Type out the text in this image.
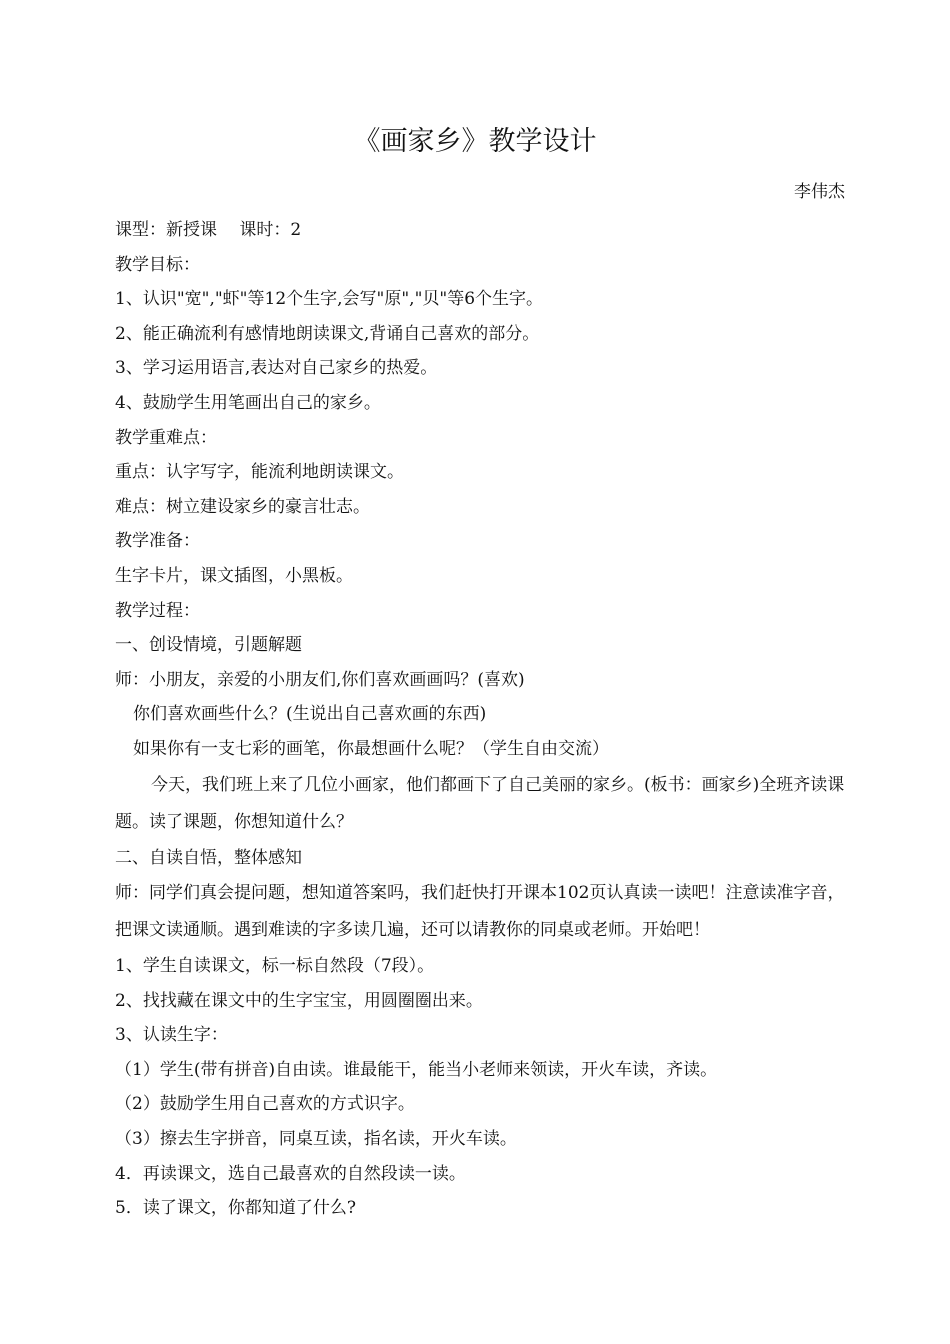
《画家乡》教学设计
李伟杰
课型：新授课　 课时：2
教学目标：
1、认识"宽","虾"等12个生字,会写"原","贝"等6个生字。
2、能正确流利有感情地朗读课文,背诵自己喜欢的部分。
3、学习运用语言,表达对自己家乡的热爱。
4、鼓励学生用笔画出自己的家乡。
教学重难点：
重点：认字写字，能流利地朗读课文。
难点：树立建设家乡的豪言壮志。
教学准备：
生字卡片，课文插图，小黑板。
教学过程：
一、创设情境，引题解题
师：小朋友，亲爱的小朋友们,你们喜欢画画吗？(喜欢)
你们喜欢画些什么？(生说出自己喜欢画的东西)
如果你有一支七彩的画笔，你最想画什么呢？（学生自由交流）
今天，我们班上来了几位小画家，他们都画下了自己美丽的家乡。(板书：画家乡)全班齐读课题。读了课题，你想知道什么？
二、自读自悟，整体感知
师：同学们真会提问题，想知道答案吗，我们赶快打开课本102页认真读一读吧！注意读准字音，把课文读通顺。遇到难读的字多读几遍，还可以请教你的同桌或老师。开始吧！
1、学生自读课文，标一标自然段（7段）。
2、找找藏在课文中的生字宝宝，用圆圈圈出来。
3、认读生字：
（1）学生(带有拼音)自由读。谁最能干，能当小老师来领读，开火车读，齐读。
（2）鼓励学生用自己喜欢的方式识字。
（3）擦去生字拼音，同桌互读，指名读，开火车读。
4．再读课文，选自己最喜欢的自然段读一读。
5．读了课文，你都知道了什么?
